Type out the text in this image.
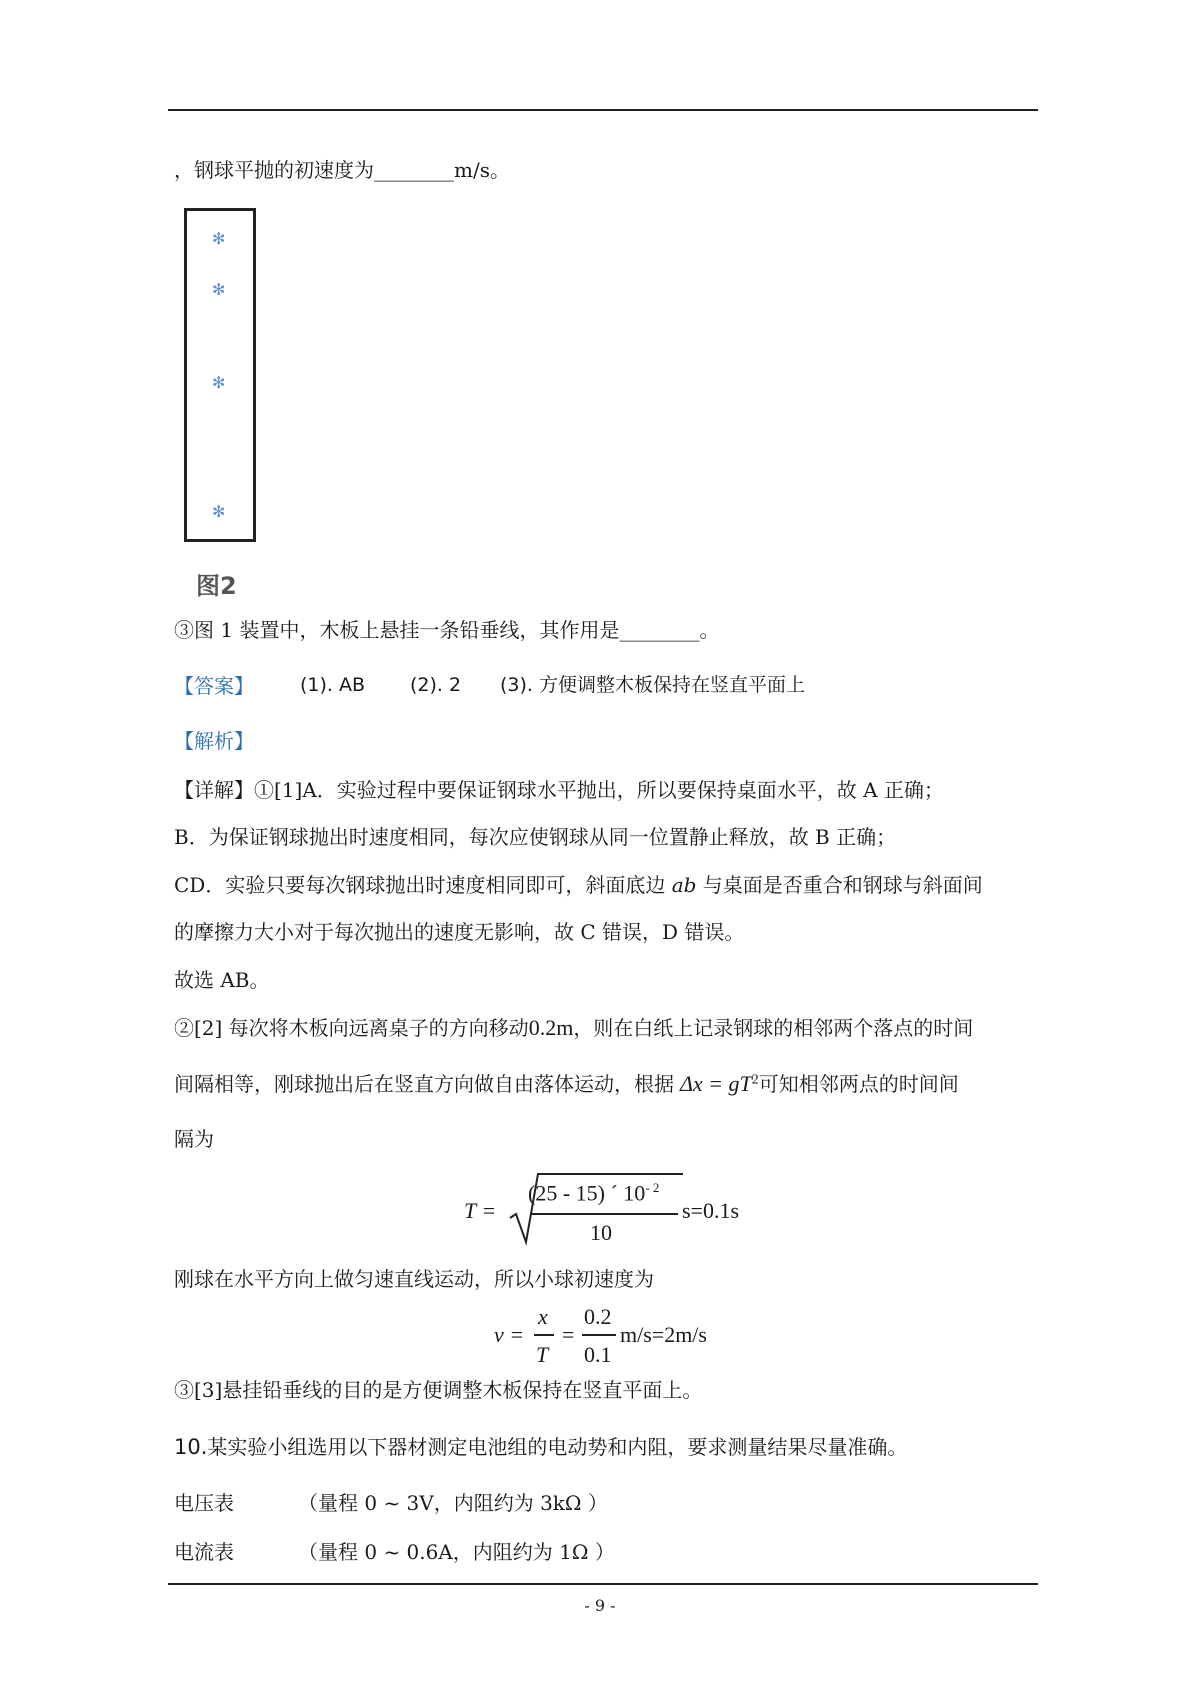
，钢球平抛的初速度为________m/s。
✻
✻
✻
✻
图2
③图 1 装置中，木板上悬挂一条铅垂线，其作用是________。
【答案】 (1). AB (2). 2 (3). 方便调整木板保持在竖直平面上
【解析】
【详解】①[1]A．实验过程中要保证钢球水平抛出，所以要保持桌面水平，故 A 正确；
B．为保证钢球抛出时速度相同，每次应使钢球从同一位置静止释放，故 B 正确；
CD．实验只要每次钢球抛出时速度相同即可，斜面底边 ab 与桌面是否重合和钢球与斜面间
的摩擦力大小对于每次抛出的速度无影响，故 C 错误，D 错误。
故选 AB。
②[2] 每次将木板向远离桌子的方向移动0.2m，则在白纸上记录钢球的相邻两个落点的时间
间隔相等，刚球抛出后在竖直方向做自由落体运动，根据 $\Delta x = gT^2$可知相邻两点的时间间
隔为
T =
(25 - 15) ´ $10^{- 2}$
10
s=0.1s
刚球在水平方向上做匀速直线运动，所以小球初速度为
v =
x
T
=
0.2
0.1
m/s=2m/s
③[3]悬挂铅垂线的目的是方便调整木板保持在竖直平面上。
10.某实验小组选用以下器材测定电池组的电动势和内阻，要求测量结果尽量准确。
电压表	（量程 0 ~ 3V，内阻约为 3kΩ ）
电流表	（量程 0 ~ 0.6A，内阻约为 1Ω ）
- 9 -
